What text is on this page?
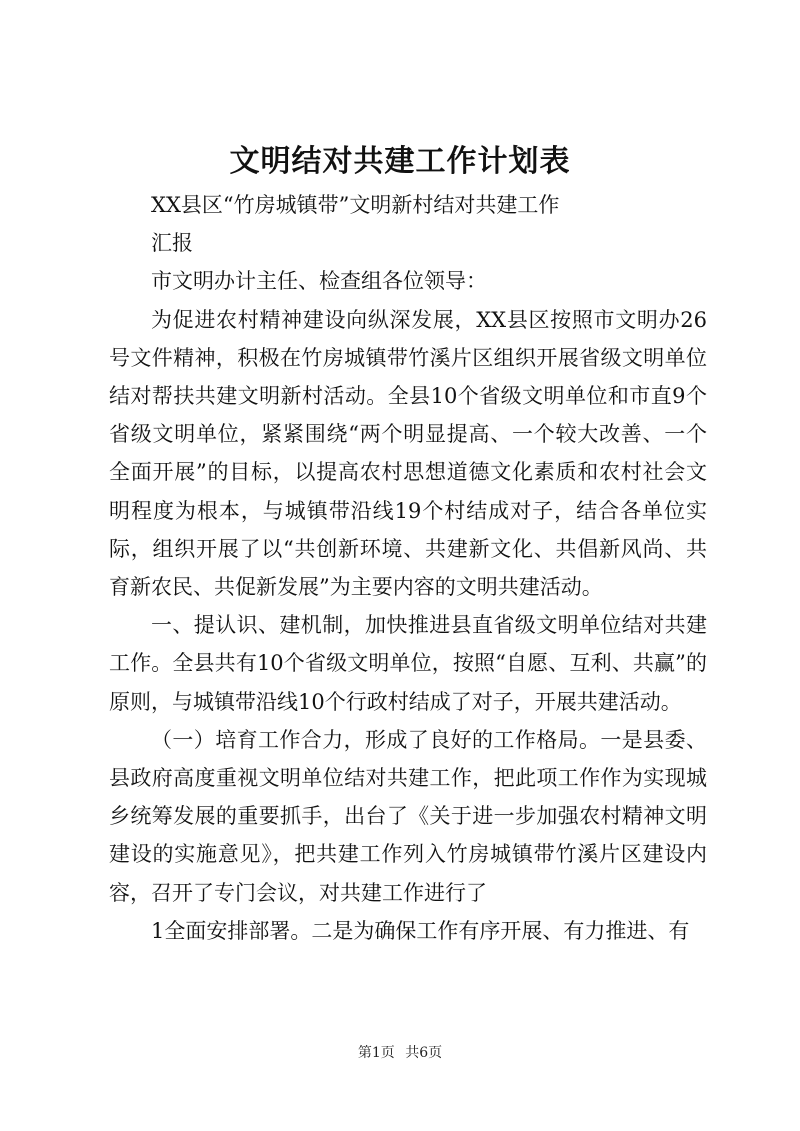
文明结对共建工作计划表

XX县区“竹房城镇带”文明新村结对共建工作

汇报

市文明办计主任、检查组各位领导：

为促进农村精神建设向纵深发展，XX县区按照市文明办26号文件精神，积极在竹房城镇带竹溪片区组织开展省级文明单位结对帮扶共建文明新村活动。全县10个省级文明单位和市直9个省级文明单位，紧紧围绕“两个明显提高、一个较大改善、一个全面开展”的目标，以提高农村思想道德文化素质和农村社会文明程度为根本，与城镇带沿线19个村结成对子，结合各单位实际，组织开展了以“共创新环境、共建新文化、共倡新风尚、共育新农民、共促新发展”为主要内容的文明共建活动。

一、提认识、建机制，加快推进县直省级文明单位结对共建工作。全县共有10个省级文明单位，按照“自愿、互利、共赢”的原则，与城镇带沿线10个行政村结成了对子，开展共建活动。

（一）培育工作合力，形成了良好的工作格局。一是县委、县政府高度重视文明单位结对共建工作，把此项工作作为实现城乡统筹发展的重要抓手，出台了《关于进一步加强农村精神文明建设的实施意见》，把共建工作列入竹房城镇带竹溪片区建设内容，召开了专门会议，对共建工作进行了

1全面安排部署。二是为确保工作有序开展、有力推进、有

第1页 共6页
